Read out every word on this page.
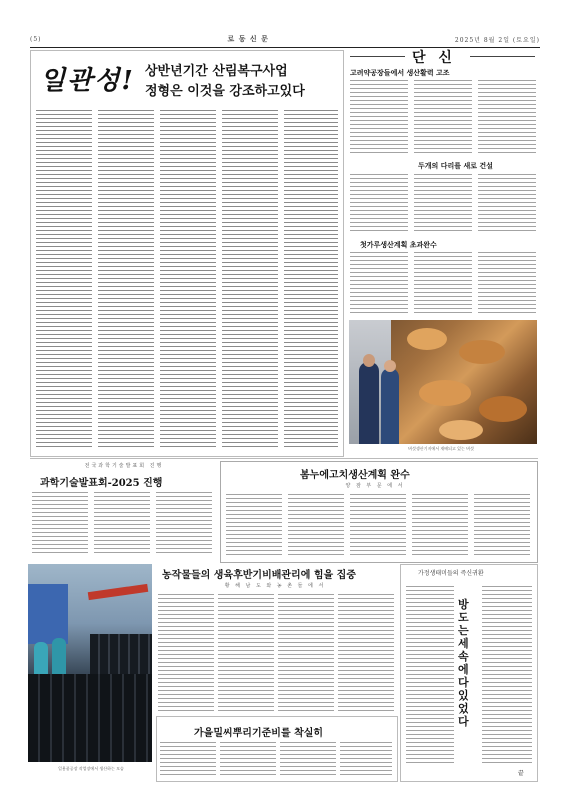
(5)	로 동 신 문	2025년 8월 2일 (토요일)
일관성! 상반년기간 산림복구사업
정형은 이것을 강조하고있다
단 신
고려약공장들에서 생산활력 고조
두개의 다리를 새로 건설
첫가루생산계획 초과완수
버섯생산기지에서 재배되고 있는 버섯
전국과학기술발표회 진행
과학기술발표회-2025 진행
봄누에고치생산계획 완수
양 잠 부 문 에 서
일용품공장 작업장에서 생산하는 모습
농작물들의 생육후반기비배관리에 힘을 집중
황 해 남 도 와 농 촌 들 에 서
가을밀씨뿌리기준비를 착실히
가정생태미들의 즉신귀환
방도는 세속에 다 있었다
끝
